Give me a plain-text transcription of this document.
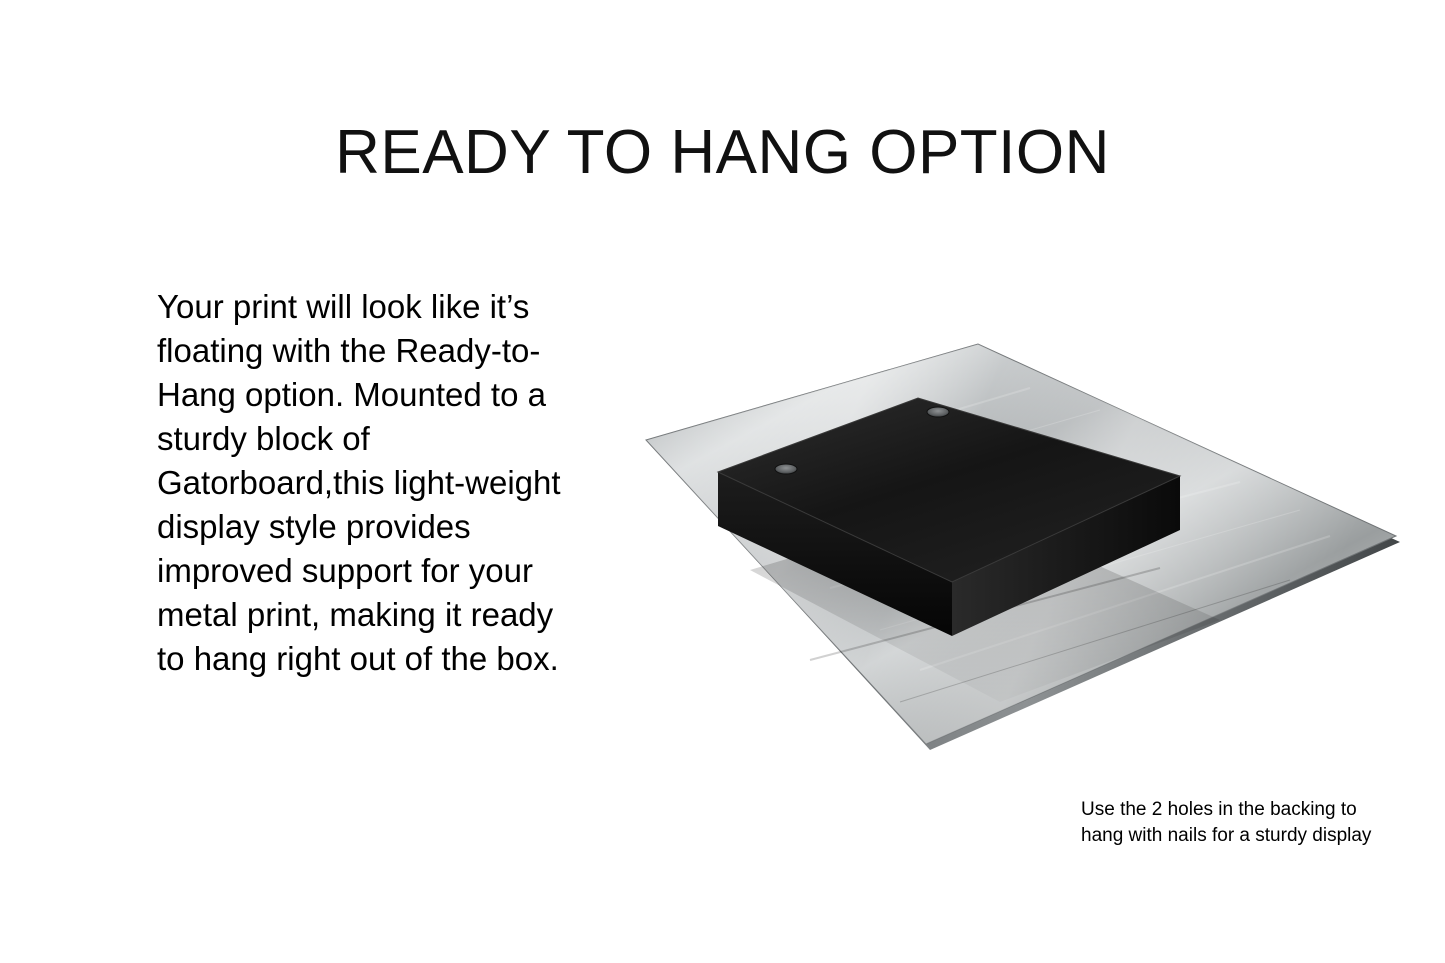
READY TO HANG OPTION

Your print will look like it’s floating with the Ready-to-Hang option. Mounted to a sturdy block of Gatorboard,this light-weight display style provides improved support for your metal print, making it ready to hang right out of the box.

Use the 2 holes in the backing to hang with nails for a sturdy display
